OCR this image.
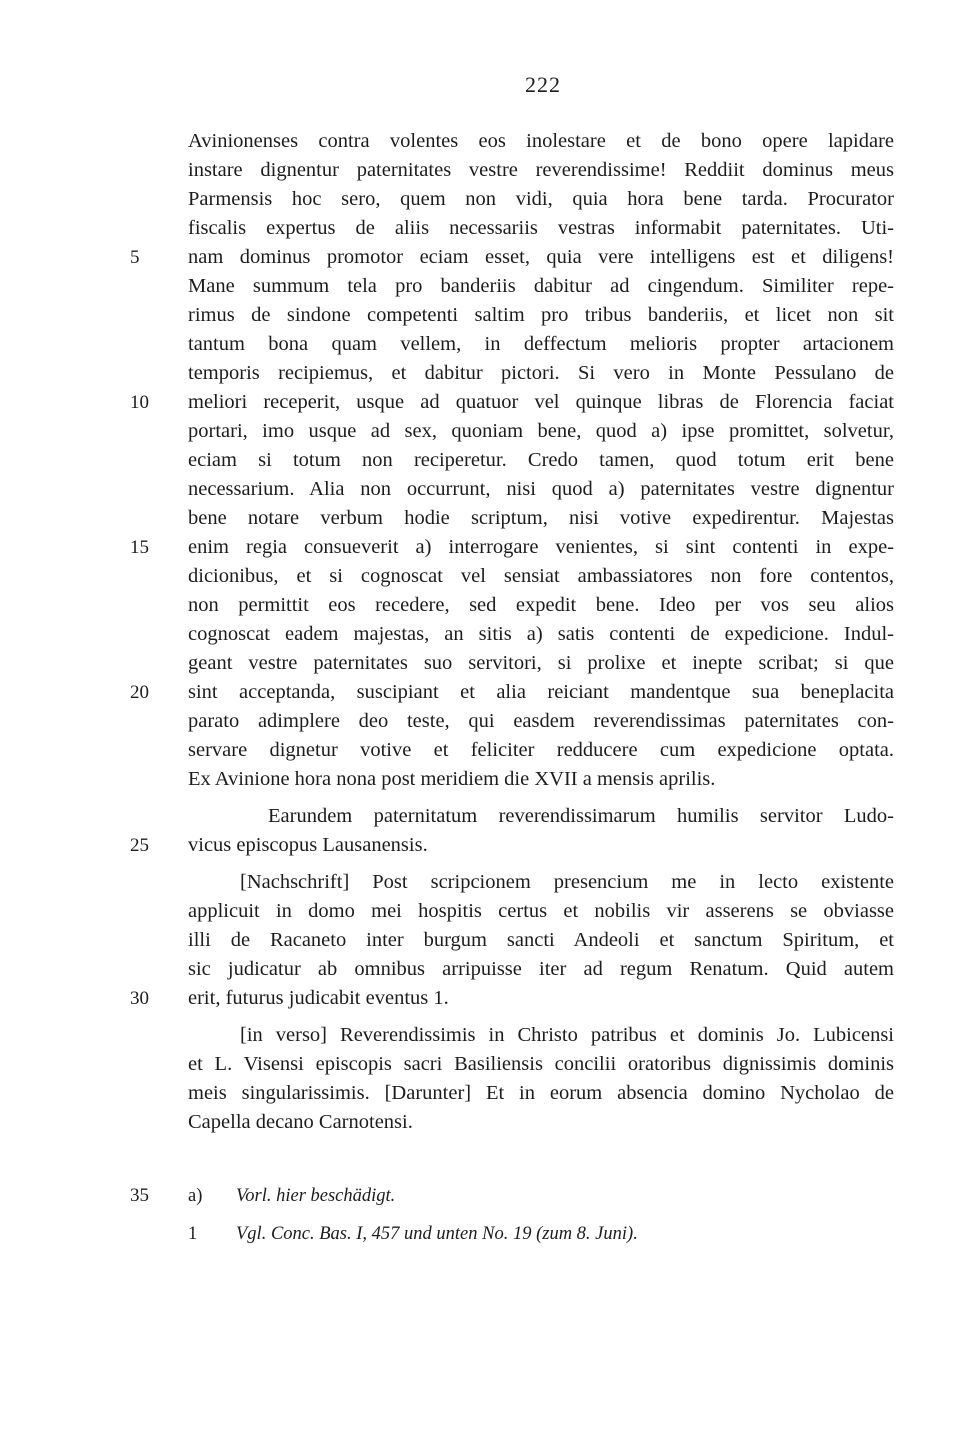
222
Avinionenses contra volentes eos inolestare et de bono opere lapidare
instare dignentur paternitates vestre reverendissime! Reddiit dominus meus
Parmensis hoc sero, quem non vidi, quia hora bene tarda. Procurator
fiscalis expertus de aliis necessariis vestras informabit paternitates. Uti-
5	nam dominus promotor eciam esset, quia vere intelligens est et diligens!
Mane summum tela pro banderiis dabitur ad cingendum. Similiter repe-
rimus de sindone competenti saltim pro tribus banderiis, et licet non sit
tantum bona quam vellem, in deffectum melioris propter artacionem
temporis recipiemus, et dabitur pictori. Si vero in Monte Pessulano de
10	meliori receperit, usque ad quatuor vel quinque libras de Florencia faciat
portari, imo usque ad sex, quoniam bene, quod a) ipse promittet, solvetur,
eciam si totum non reciperetur. Credo tamen, quod totum erit bene
necessarium. Alia non occurrunt, nisi quod a) paternitates vestre dignentur
bene notare verbum hodie scriptum, nisi votive expedirentur. Majestas
15	enim regia consueverit a) interrogare venientes, si sint contenti in expe-
dicionibus, et si cognoscat vel sensiat ambassiatores non fore contentos,
non permittit eos recedere, sed expedit bene. Ideo per vos seu alios
cognoscat eadem majestas, an sitis a) satis contenti de expedicione. Indul-
geant vestre paternitates suo servitori, si prolixe et inepte scribat; si que
20	sint acceptanda, suscipiant et alia reiciant mandentque sua beneplacita
parato adimplere deo teste, qui easdem reverendissimas paternitates con-
servare dignetur votive et feliciter redducere cum expedicione optata.
Ex Avinione hora nona post meridiem die XVII a mensis aprilis.
Earundem paternitatum reverendissimarum humilis servitor Ludo-
25	vicus episcopus Lausanensis.
[Nachschrift] Post scripcionem presencium me in lecto existente
applicuit in domo mei hospitis certus et nobilis vir asserens se obviasse
illi de Racaneto inter burgum sancti Andeoli et sanctum Spiritum, et
sic judicatur ab omnibus arripuisse iter ad regum Renatum. Quid autem
30	erit, futurus judicabit eventus 1.
[in verso] Reverendissimis in Christo patribus et dominis Jo. Lubicensi
et L. Visensi episcopis sacri Basiliensis concilii oratoribus dignissimis dominis
meis singularissimis. [Darunter] Et in eorum absencia domino Nycholao de
Capella decano Carnotensi.
35	a) Vorl. hier beschädigt.
1 Vgl. Conc. Bas. I, 457 und unten No. 19 (zum 8. Juni).
